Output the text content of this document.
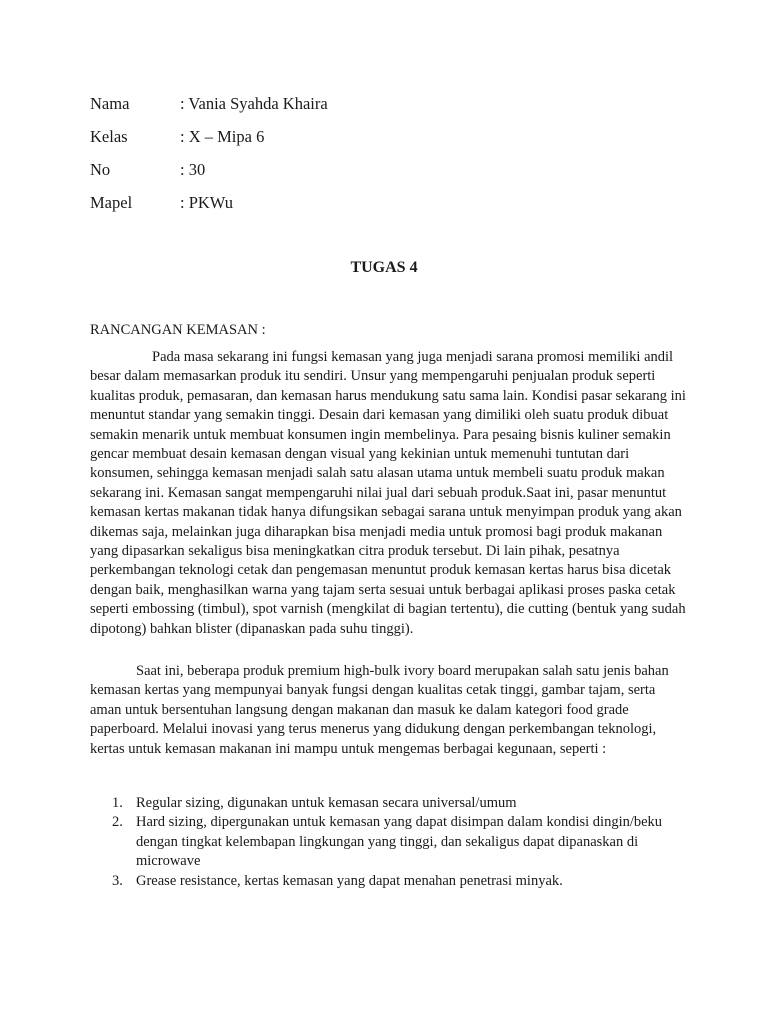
Nama	: Vania Syahda Khaira
Kelas	: X – Mipa 6
No	: 30
Mapel	: PKWu
TUGAS 4
RANCANGAN KEMASAN :

Pada masa sekarang ini fungsi kemasan yang juga menjadi sarana promosi memiliki andil besar dalam memasarkan produk itu sendiri. Unsur yang mempengaruhi penjualan produk seperti kualitas produk, pemasaran, dan kemasan harus mendukung satu sama lain. Kondisi pasar sekarang ini menuntut standar yang semakin tinggi. Desain dari kemasan yang dimiliki oleh suatu produk dibuat semakin menarik untuk membuat konsumen ingin membelinya. Para pesaing bisnis kuliner semakin gencar membuat desain kemasan dengan visual yang kekinian untuk memenuhi tuntutan dari konsumen, sehingga kemasan menjadi salah satu alasan utama untuk membeli suatu produk makan sekarang ini. Kemasan sangat mempengaruhi nilai jual dari sebuah produk.Saat ini, pasar menuntut kemasan kertas makanan tidak hanya difungsikan sebagai sarana untuk menyimpan produk yang akan dikemas saja, melainkan juga diharapkan bisa menjadi media untuk promosi bagi produk makanan yang dipasarkan sekaligus bisa meningkatkan citra produk tersebut. Di lain pihak, pesatnya perkembangan teknologi cetak dan pengemasan menuntut produk kemasan kertas harus bisa dicetak dengan baik, menghasilkan warna yang tajam serta sesuai untuk berbagai aplikasi proses paska cetak seperti embossing (timbul), spot varnish (mengkilat di bagian tertentu), die cutting (bentuk yang sudah dipotong) bahkan blister (dipanaskan pada suhu tinggi).

Saat ini, beberapa produk premium high-bulk ivory board merupakan salah satu jenis bahan kemasan kertas yang mempunyai banyak fungsi dengan kualitas cetak tinggi, gambar tajam, serta aman untuk bersentuhan langsung dengan makanan dan masuk ke dalam kategori food grade paperboard. Melalui inovasi yang terus menerus yang didukung dengan perkembangan teknologi, kertas untuk kemasan makanan ini mampu untuk mengemas berbagai kegunaan, seperti :

1. Regular sizing, digunakan untuk kemasan secara universal/umum
2. Hard sizing, dipergunakan untuk kemasan yang dapat disimpan dalam kondisi dingin/beku dengan tingkat kelembapan lingkungan yang tinggi, dan sekaligus dapat dipanaskan di microwave
3. Grease resistance, kertas kemasan yang dapat menahan penetrasi minyak.
